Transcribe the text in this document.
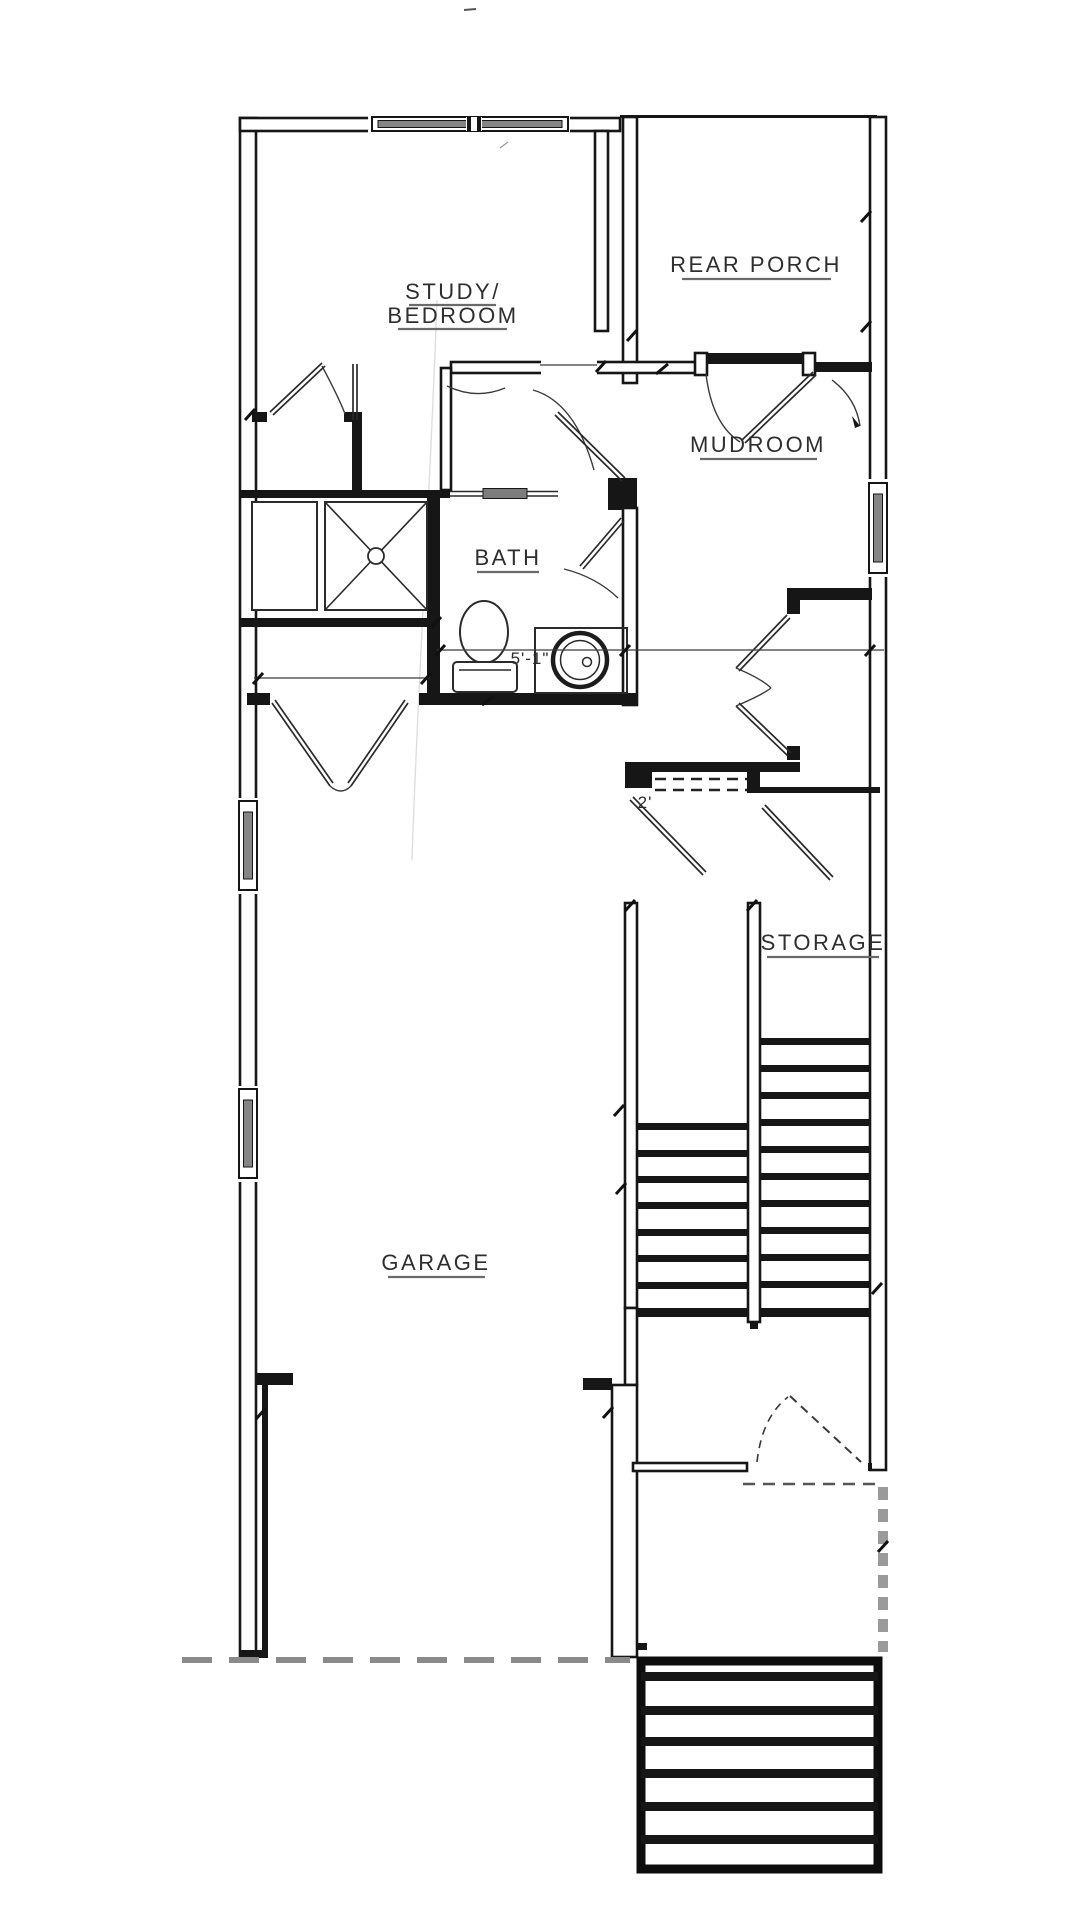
STUDY/
BEDROOM
REAR PORCH
MUDROOM
BATH
STORAGE
GARAGE
5'-1"
2'
